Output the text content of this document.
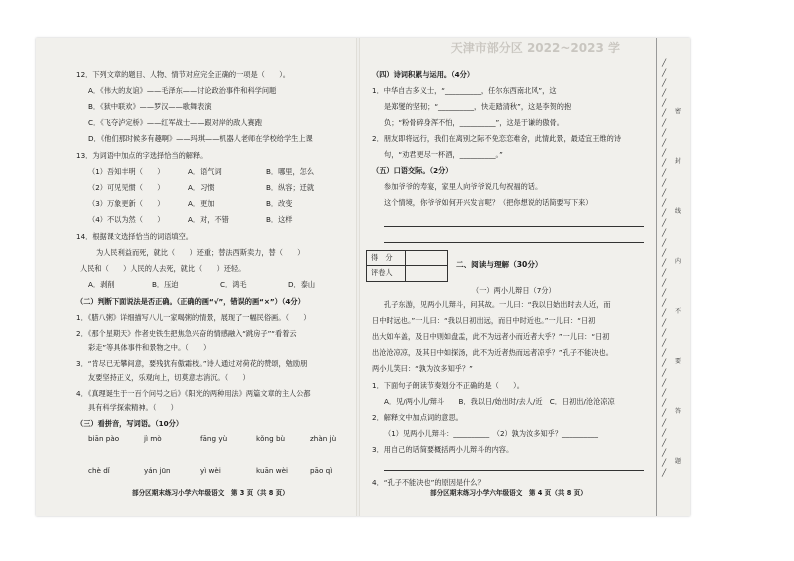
12．下列文章的题目、人物、情节对应完全正确的一项是（　　）。
A．《伟大的友谊》——毛泽东——讨论政治事件和科学问题
B．《狱中联欢》——罗汉——歌舞表演
C．《飞夺泸定桥》——红军战士——跟对岸的敌人赛跑
D．《他们那时候多有趣啊》——玛琪——机器人老师在学校给学生上课
13．为词语中加点的字选择恰当的解释。
（1）吾知丰明（　　）	A．语气词	B．哪里，怎么
（2）可见见惯（　　）	A．习惯	B．纵容；迁就
（3）万象更新（　　）	A．更加	B．改变
（4）不以为然（　　）	A．对，不错	B．这样
14．根据课文选择恰当的词语填空。
为人民利益而死，就比（　　）还重；替法西斯卖力，替（　　）
人民和（　　）人民的人去死，就比（　　）还轻。
A．剥削	B．压迫	C．鸿毛	D．泰山
（二）判断下面说法是否正确。（正确的画“√”，错误的画“×”）（4分）
1．《腊八粥》详细描写八儿一家喝粥的情景，展现了一幅民俗画。（　　）
2．《那个星期天》作者史铁生把焦急兴奋的情感融入“跳房子”“看着云
彩走”等具体事件和景物之中。（　　）
3．“肯尽已无攀间意，要残犹有傲霜枝。”诗人通过对荷花的赞颂，勉励朋
友要坚持正义，乐观向上，切莫意志消沉。（　　）
4．《真理诞生于一百个问号之后》《阳光的两种用法》两篇文章的主人公都
具有科学探索精神。（　　）
（三）看拼音，写词语。（10分）
biān pào	jì mò	fāng yù	kǒng bù	zhàn jù
chè dǐ	yán jūn	yì wèi	kuān wèi	pāo qì
部分区期末练习小学六年级语文　第 3 页（共 8 页）
天津市部分区 2022~2023 学
（四）诗词积累与运用。（4分）
1．中华自古多义士，“__________，任尔东西南北风”，这
是郑燮的坚韧；“__________，快走踏清秋”，这是李贺的抱
负；“粉骨碎身浑不怕，__________”，这是于谦的傲骨。
2．朋友即将远行，我们在离别之际不免恋恋难舍，此情此景，最适宜王维的诗
句，“劝君更尽一杯酒，__________。”
（五）口语交际。（2分）
参加爷爷的寿宴，家里人向爷爷说几句祝福的话。
这个情境，你爷爷如何开兴发言呢？（把你想说的话简要写下来）
得　分
评卷人
二、阅读与理解（30分）
（一）两小儿辩日（7分）
孔子东游，见两小儿辩斗，问其故。一儿曰：“我以日始出时去人近，而
日中时远也。”一儿曰：“我以日初出远，而日中时近也。”一儿曰：“日初
出大如车盖，及日中则如盘盂，此不为远者小而近者大乎？”一儿曰：“日初
出沧沧凉凉，及其日中如探汤，此不为近者热而远者凉乎？”孔子不能决也。
两小儿笑曰：“孰为汝多知乎？”
1．下面句子朗读节奏划分不正确的是（　　）。
A．见/两小儿/辩斗　　B．我以日/始出时/去人/近　C．日初出/沧沧凉凉
2．解释文中加点词的意思。
（1）见两小儿辩斗：__________　（2）孰为汝多知乎？__________
3．用自己的话简要概括两小儿辩斗的内容。
4．“孔子不能决也”的原因是什么？
部分区期末练习小学六年级语文　第 4 页（共 8 页）
╱╱╱╱╱╱╱╱╱╱╱╱╱╱╱╱╱╱╱╱╱╱╱╱╱╱╱╱╱╱╱╱╱╱╱╱╱╱╱╱╱╱
密
封
线
内
不
要
答
题
